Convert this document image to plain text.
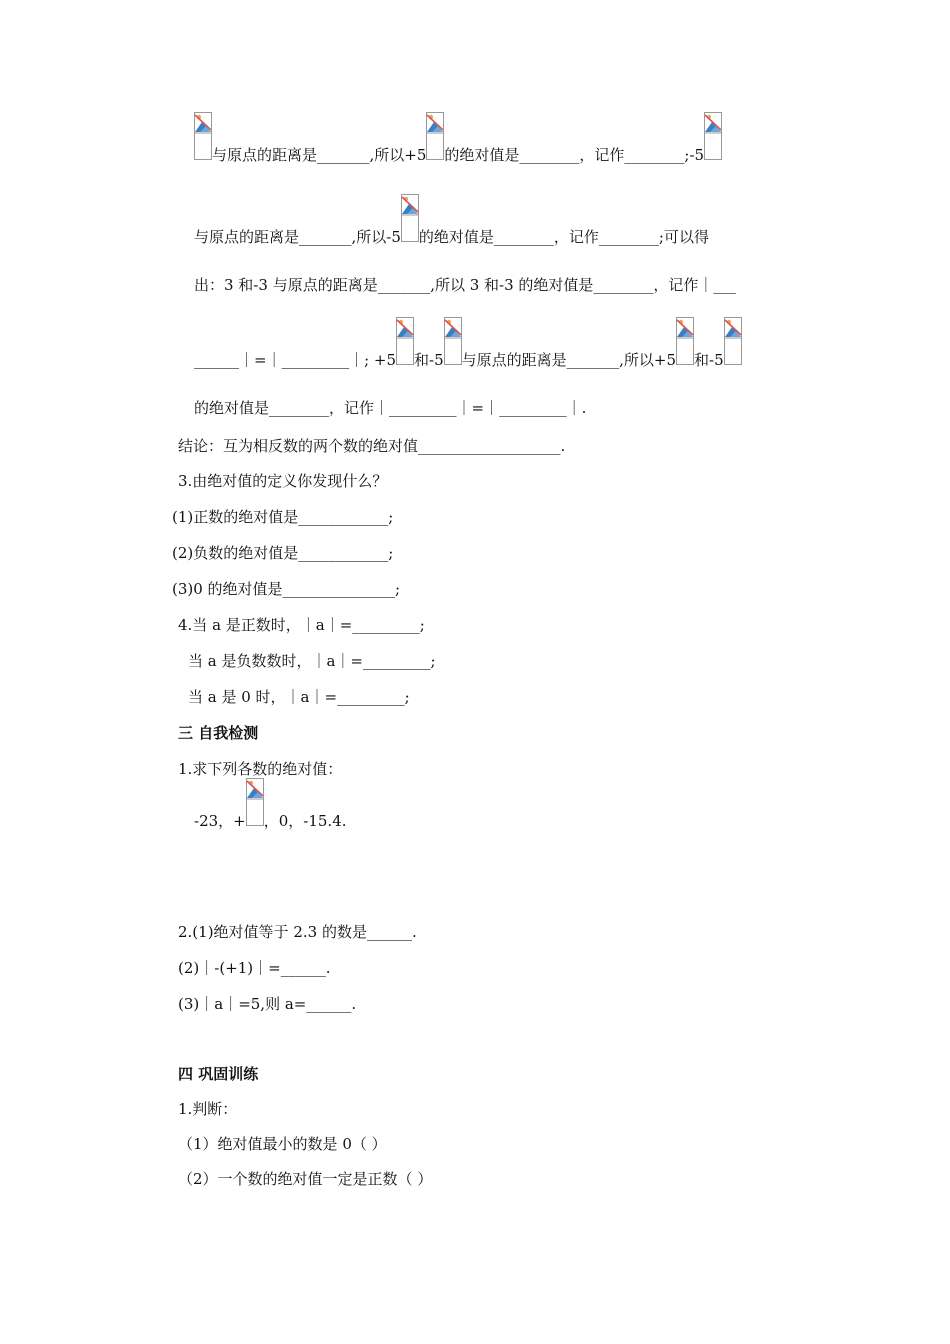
与原点的距离是_______,所以+5 的绝对值是________，记作________;-5
与原点的距离是_______,所以-5 的绝对值是________，记作________;可以得
出：3 和-3 与原点的距离是_______,所以 3 和-3 的绝对值是________，记作｜___
______｜=｜_________｜; +5 和-5 与原点的距离是_______,所以+5 和-5
的绝对值是________，记作｜_________｜=｜_________｜.
结论：互为相反数的两个数的绝对值___________________.
3.由绝对值的定义你发现什么？
(1)正数的绝对值是____________;
(2)负数的绝对值是____________;
(3)0 的绝对值是_______________;
4.当 a 是正数时，｜a｜=_________;
当 a 是负数数时，｜a｜=_________;
当 a 是 0 时，｜a｜=_________;
三 自我检测
1.求下列各数的绝对值：
-23，+ ，0，-15.4.
2.(1)绝对值等于 2.3 的数是______.
(2)｜-(+1)｜=______.
(3)｜a｜=5,则 a=______.
四 巩固训练
1.判断：
（1）绝对值最小的数是 0（ ）
（2）一个数的绝对值一定是正数（ ）
